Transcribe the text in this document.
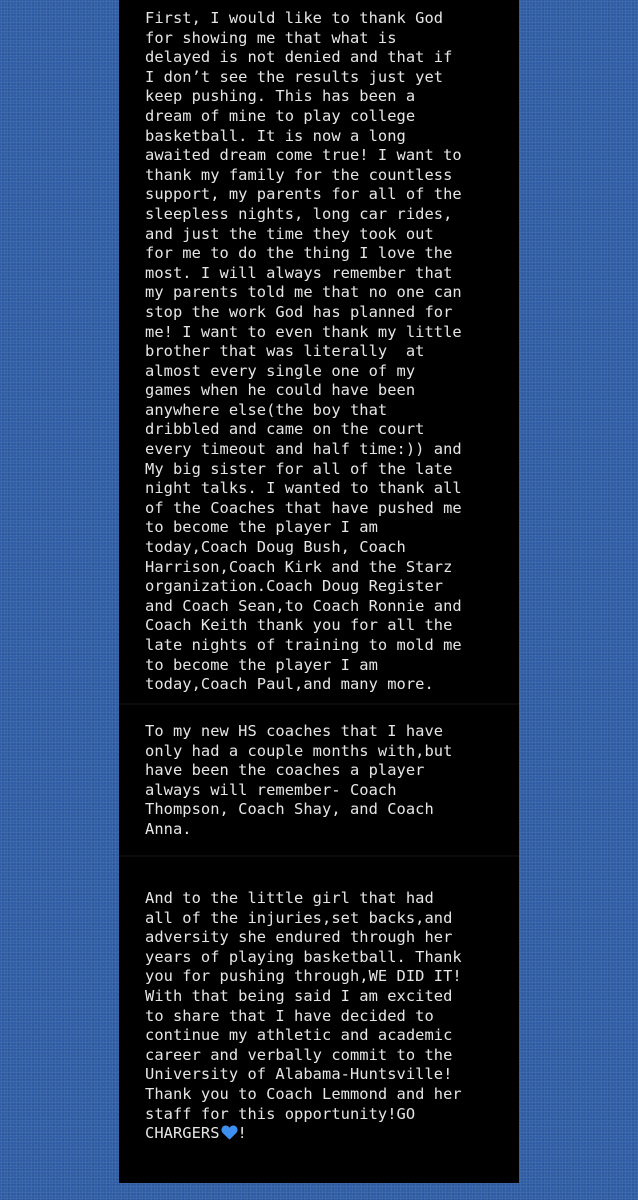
First, I would like to thank God
for showing me that what is
delayed is not denied and that if
I don’t see the results just yet
keep pushing. This has been a
dream of mine to play college
basketball. It is now a long
awaited dream come true! I want to
thank my family for the countless
support, my parents for all of the
sleepless nights, long car rides,
and just the time they took out
for me to do the thing I love the
most. I will always remember that
my parents told me that no one can
stop the work God has planned for
me! I want to even thank my little
brother that was literally  at
almost every single one of my
games when he could have been
anywhere else(the boy that
dribbled and came on the court
every timeout and half time:)) and
My big sister for all of the late
night talks. I wanted to thank all
of the Coaches that have pushed me
to become the player I am
today,Coach Doug Bush, Coach
Harrison,Coach Kirk and the Starz
organization.Coach Doug Register
and Coach Sean,to Coach Ronnie and
Coach Keith thank you for all the
late nights of training to mold me
to become the player I am
today,Coach Paul,and many more.
To my new HS coaches that I have
only had a couple months with,but
have been the coaches a player
always will remember- Coach
Thompson, Coach Shay, and Coach
Anna.
And to the little girl that had
all of the injuries,set backs,and
adversity she endured through her
years of playing basketball. Thank
you for pushing through,WE DID IT!
With that being said I am excited
to share that I have decided to
continue my athletic and academic
career and verbally commit to the
University of Alabama-Huntsville!
Thank you to Coach Lemmond and her
staff for this opportunity!GO
CHARGERS !
